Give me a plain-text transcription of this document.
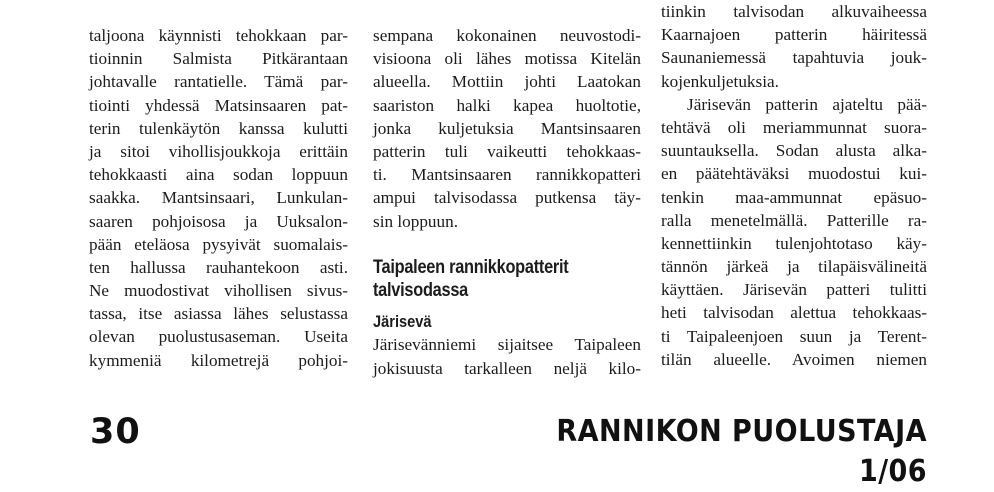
taljoona käynnisti tehokkaan par-
tioinnin Salmista Pitkärantaan
johtavalle rantatielle. Tämä par-
tiointi yhdessä Matsinsaaren pat-
terin tulenkäytön kanssa kulutti
ja sitoi vihollisjoukkoja erittäin
tehokkaasti aina sodan loppuun
saakka. Mantsinsaari, Lunkulan-
saaren pohjoisosa ja Uuksalon-
pään eteläosa pysyivät suomalais-
ten hallussa rauhantekoon asti.
Ne muodostivat vihollisen sivus-
tassa, itse asiassa lähes selustassa
olevan puolustusaseman. Useita
kymmeniä kilometrejä pohjoi-
sempana kokonainen neuvostodi-
visioona oli lähes motissa Kitelän
alueella. Mottiin johti Laatokan
saariston halki kapea huoltotie,
jonka kuljetuksia Mantsinsaaren
patterin tuli vaikeutti tehokkaas-
ti. Mantsinsaaren rannikkopatteri
ampui talvisodassa putkensa täy-
sin loppuun.
Taipaleen rannikkopatterit
talvisodassa
Järisevä
Järisevänniemi sijaitsee Taipaleen
jokisuusta tarkalleen neljä kilo-
tiinkin talvisodan alkuvaiheessa
Kaarnajoen patterin häiritessä
Saunaniemessä tapahtuvia jouk-
kojenkuljetuksia.
Järisevän patterin ajateltu pää-
tehtävä oli meriammunnat suora-
suuntauksella. Sodan alusta alka-
en päätehtäväksi muodostui kui-
tenkin maa-ammunnat epäsuo-
ralla menetelmällä. Patterille ra-
kennettiinkin tulenjohtotaso käy-
tännön järkeä ja tilapäisvälineitä
käyttäen. Järisevän patteri tulitti
heti talvisodan alettua tehokkaas-
ti Taipaleenjoen suun ja Terent-
tilän alueelle. Avoimen niemen
30	RANNIKON PUOLUSTAJA 1/06
